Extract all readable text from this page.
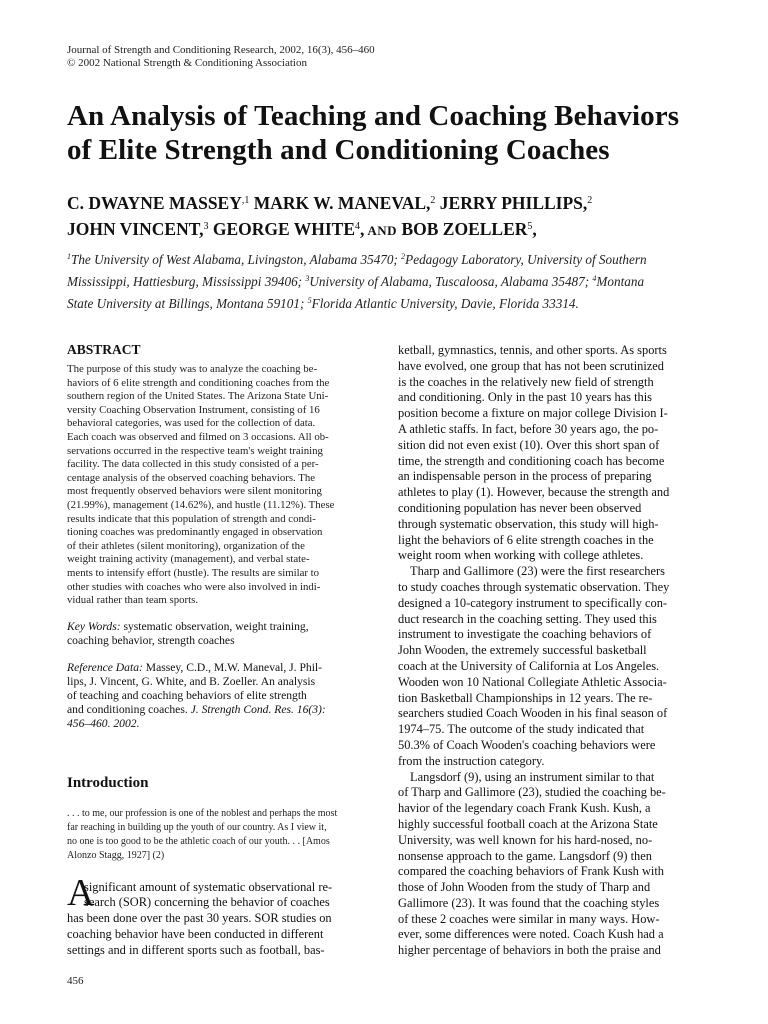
Journal of Strength and Conditioning Research, 2002, 16(3), 456–460
© 2002 National Strength & Conditioning Association
An Analysis of Teaching and Coaching Behaviors
of Elite Strength and Conditioning Coaches
C. DWAYNE $MASSEY^{,1}$ MARK W. MANEVAL,$^2$ JERRY PHILLIPS,$^2$
JOHN VINCENT,$^3$ GEORGE WHITE$^4$, AND BOB ZOELLER$^5$,
$^1$The University of West Alabama, Livingston, Alabama 35470; $^2$Pedagogy Laboratory, University of Southern
Mississippi, Hattiesburg, Mississippi 39406; $^3$University of Alabama, Tuscaloosa, Alabama 35487; $^4$Montana
State University at Billings, Montana 59101; $^5$Florida Atlantic University, Davie, Florida 33314.
ABSTRACT
The purpose of this study was to analyze the coaching be-
haviors of 6 elite strength and conditioning coaches from the
southern region of the United States. The Arizona State Uni-
versity Coaching Observation Instrument, consisting of 16
behavioral categories, was used for the collection of data.
Each coach was observed and filmed on 3 occasions. All ob-
servations occurred in the respective team's weight training
facility. The data collected in this study consisted of a per-
centage analysis of the observed coaching behaviors. The
most frequently observed behaviors were silent monitoring
(21.99%), management (14.62%), and hustle (11.12%). These
results indicate that this population of strength and condi-
tioning coaches was predominantly engaged in observation
of their athletes (silent monitoring), organization of the
weight training activity (management), and verbal state-
ments to intensify effort (hustle). The results are similar to
other studies with coaches who were also involved in indi-
vidual rather than team sports.
Key Words: systematic observation, weight training,
coaching behavior, strength coaches
Reference Data: Massey, C.D., M.W. Maneval, J. Phil-
lips, J. Vincent, G. White, and B. Zoeller. An analysis
of teaching and coaching behaviors of elite strength
and conditioning coaches. J. Strength Cond. Res. 16(3):
456–460. 2002.
Introduction
. . . to me, our profession is one of the noblest and perhaps the most
far reaching in building up the youth of our country. As I view it,
no one is too good to be the athletic coach of our youth. . . [Amos
Alonzo Stagg, 1927] (2)
A
significant amount of systematic observational re-
search (SOR) concerning the behavior of coaches
has been done over the past 30 years. SOR studies on
coaching behavior have been conducted in different
settings and in different sports such as football, bas-
ketball, gymnastics, tennis, and other sports. As sports
have evolved, one group that has not been scrutinized
is the coaches in the relatively new field of strength
and conditioning. Only in the past 10 years has this
position become a fixture on major college Division I-
A athletic staffs. In fact, before 30 years ago, the po-
sition did not even exist (10). Over this short span of
time, the strength and conditioning coach has become
an indispensable person in the process of preparing
athletes to play (1). However, because the strength and
conditioning population has never been observed
through systematic observation, this study will high-
light the behaviors of 6 elite strength coaches in the
weight room when working with college athletes.
Tharp and Gallimore (23) were the first researchers
to study coaches through systematic observation. They
designed a 10-category instrument to specifically con-
duct research in the coaching setting. They used this
instrument to investigate the coaching behaviors of
John Wooden, the extremely successful basketball
coach at the University of California at Los Angeles.
Wooden won 10 National Collegiate Athletic Associa-
tion Basketball Championships in 12 years. The re-
searchers studied Coach Wooden in his final season of
1974–75. The outcome of the study indicated that
50.3% of Coach Wooden's coaching behaviors were
from the instruction category.
Langsdorf (9), using an instrument similar to that
of Tharp and Gallimore (23), studied the coaching be-
havior of the legendary coach Frank Kush. Kush, a
highly successful football coach at the Arizona State
University, was well known for his hard-nosed, no-
nonsense approach to the game. Langsdorf (9) then
compared the coaching behaviors of Frank Kush with
those of John Wooden from the study of Tharp and
Gallimore (23). It was found that the coaching styles
of these 2 coaches were similar in many ways. How-
ever, some differences were noted. Coach Kush had a
higher percentage of behaviors in both the praise and
456
